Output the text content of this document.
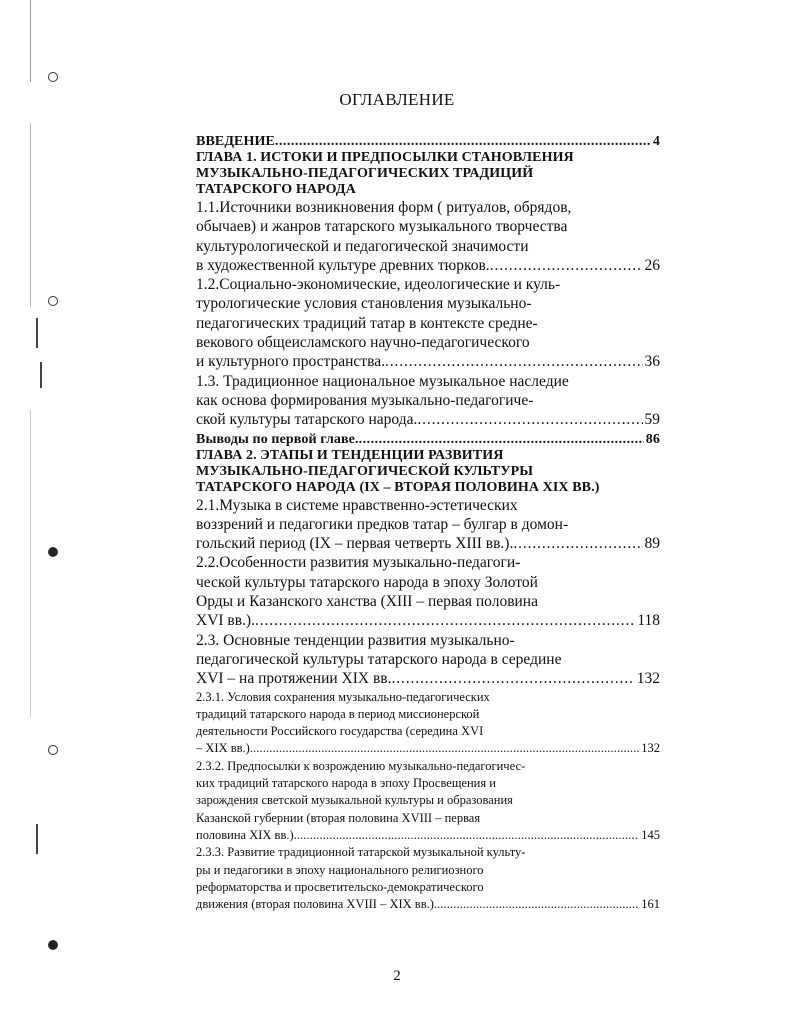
ОГЛАВЛЕНИЕ
ВВЕДЕНИЕ . . .	4
ГЛАВА 1. ИСТОКИ И ПРЕДПОСЫЛКИ СТАНОВЛЕНИЯ
МУЗЫКАЛЬНО-ПЕДАГОГИЧЕСКИХ ТРАДИЦИЙ
ТАТАРСКОГО НАРОДА
1.1.Источники возникновения форм ( ритуалов, обрядов,
обычаев) и жанров татарского музыкального творчества
культурологической и педагогической значимости
в художественной культуре древних тюрков. . . .	26
1.2.Социально-экономические, идеологические и куль-
турологические условия становления музыкально-
педагогических традиций татар в контексте средне-
векового общеисламского научно-педагогического
и культурного пространства. . . .	36
1.3. Традиционное национальное музыкальное наследие
как основа формирования музыкально-педагогиче-
ской культуры татарского народа. . . .	59
Выводы по первой главе. . . .	86
ГЛАВА 2. ЭТАПЫ И ТЕНДЕНЦИИ РАЗВИТИЯ
МУЗЫКАЛЬНО-ПЕДАГОГИЧЕСКОЙ КУЛЬТУРЫ
ТАТАРСКОГО НАРОДА (IX – ВТОРАЯ ПОЛОВИНА XIX ВВ.)
2.1.Музыка в системе нравственно-эстетических
воззрений и педагогики предков татар – булгар в домон-
гольский период (IX – первая четверть XIII вв.). . . .	89
2.2.Особенности развития музыкально-педагоги-
ческой культуры татарского народа в эпоху Золотой
Орды и Казанского ханства (XIII – первая половина
XVI вв.). . . .	118
2.3. Основные тенденции развития музыкально-
педагогической культуры татарского народа в середине
XVI – на протяжении XIX вв. . . .	132
2.3.1. Условия сохранения музыкально-педагогических
традиций татарского народа в период миссионерской
деятельности Российского государства (середина XVI
– XIX вв.). . . .	132
2.3.2. Предпосылки к возрождению музыкально-педагогичес-
ких традиций татарского народа в эпоху Просвещения и
зарождения светской музыкальной культуры и образования
Казанской губернии (вторая половина XVIII – первая
половина XIX вв.). . . .	145
2.3.3. Развитие традиционной татарской музыкальной культу-
ры и педагогики в эпоху национального религиозного
реформаторства и просветительско-демократического
движения (вторая половина XVIII – XIX вв.). . . .	161
2
